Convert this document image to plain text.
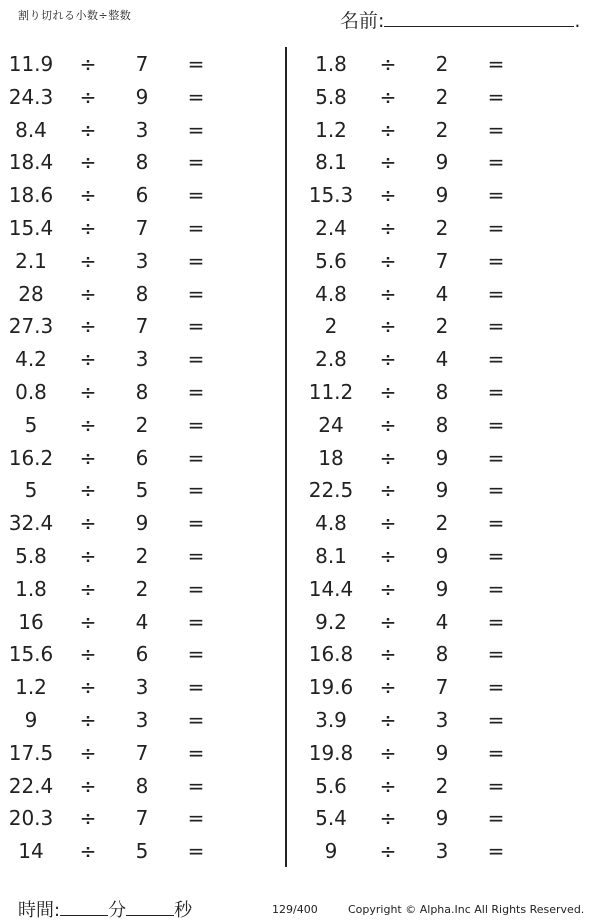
割り切れる小数÷整数	名前:	.
11.9	÷	7	=
24.3	÷	9	=
8.4	÷	3	=
18.4	÷	8	=
18.6	÷	6	=
15.4	÷	7	=
2.1	÷	3	=
28	÷	8	=
27.3	÷	7	=
4.2	÷	3	=
0.8	÷	8	=
5	÷	2	=
16.2	÷	6	=
5	÷	5	=
32.4	÷	9	=
5.8	÷	2	=
1.8	÷	2	=
16	÷	4	=
15.6	÷	6	=
1.2	÷	3	=
9	÷	3	=
17.5	÷	7	=
22.4	÷	8	=
20.3	÷	7	=
14	÷	5	=
1.8	÷	2	=
5.8	÷	2	=
1.2	÷	2	=
8.1	÷	9	=
15.3	÷	9	=
2.4	÷	2	=
5.6	÷	7	=
4.8	÷	4	=
2	÷	2	=
2.8	÷	4	=
11.2	÷	8	=
24	÷	8	=
18	÷	9	=
22.5	÷	9	=
4.8	÷	2	=
8.1	÷	9	=
14.4	÷	9	=
9.2	÷	4	=
16.8	÷	8	=
19.6	÷	7	=
3.9	÷	3	=
19.8	÷	9	=
5.6	÷	2	=
5.4	÷	9	=
9	÷	3	=
時間:	分	秒	129/400	Copyright © Alpha.Inc All Rights Reserved.
